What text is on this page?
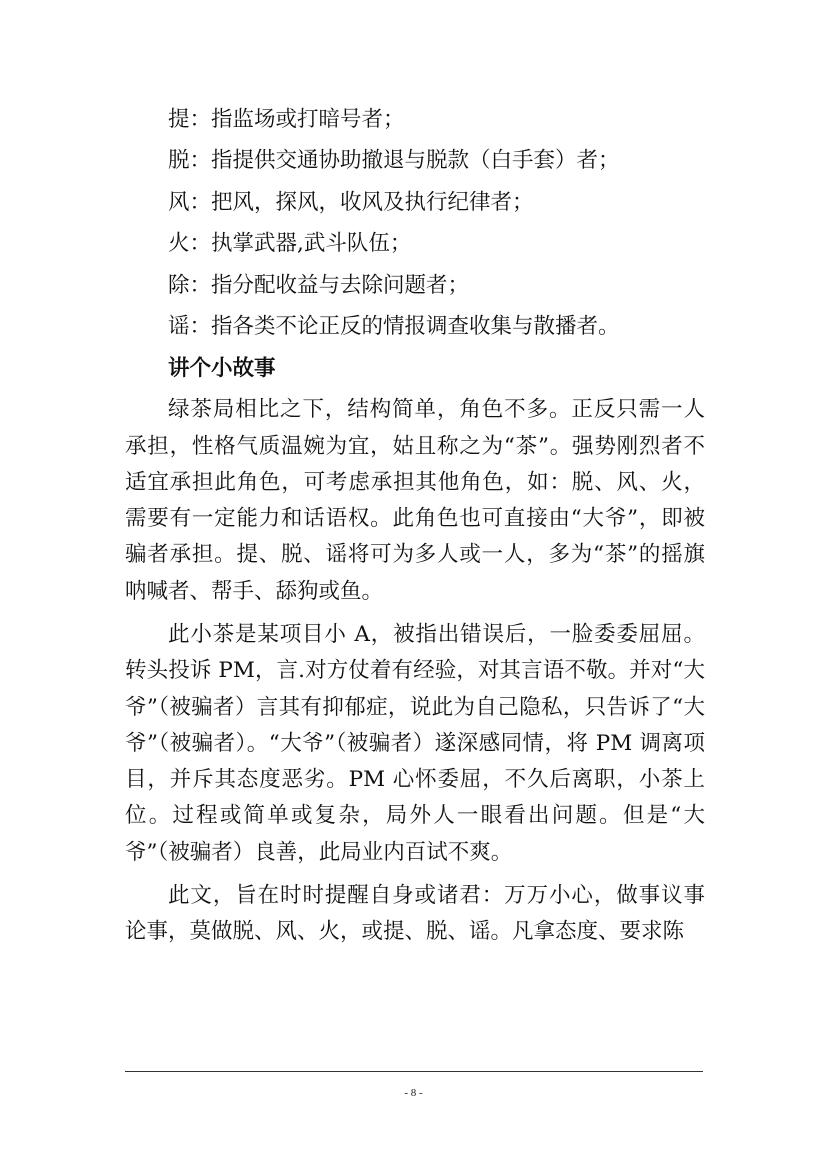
提：指监场或打暗号者；

脱：指提供交通协助撤退与脱款（白手套）者；

风：把风，探风，收风及执行纪律者；

火：执掌武器,武斗队伍；

除：指分配收益与去除问题者；

谣：指各类不论正反的情报调查收集与散播者。

讲个小故事

绿茶局相比之下，结构简单，角色不多。正反只需一人承担，性格气质温婉为宜，姑且称之为“茶”。强势刚烈者不适宜承担此角色，可考虑承担其他角色，如：脱、风、火，需要有一定能力和话语权。此角色也可直接由“大爷”，即被骗者承担。提、脱、谣将可为多人或一人，多为“茶”的摇旗呐喊者、帮手、舔狗或鱼。

此小茶是某项目小 A，被指出错误后，一脸委委屈屈。转头投诉 PM，言.对方仗着有经验，对其言语不敬。并对“大爷”（被骗者）言其有抑郁症，说此为自己隐私，只告诉了“大爷”（被骗者）。“大爷”（被骗者）遂深感同情，将 PM 调离项目，并斥其态度恶劣。PM 心怀委屈，不久后离职，小茶上位。过程或简单或复杂，局外人一眼看出问题。但是“大爷”（被骗者）良善，此局业内百试不爽。

此文，旨在时时提醒自身或诸君：万万小心，做事议事论事，莫做脱、风、火，或提、脱、谣。凡拿态度、要求陈

- 8 -
